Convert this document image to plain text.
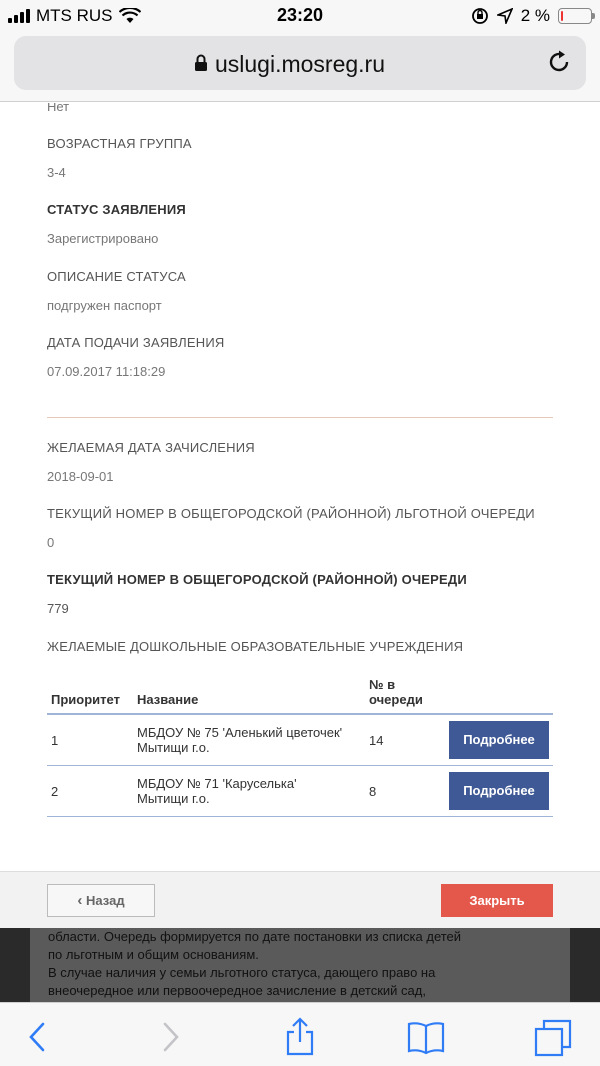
MTS RUS	23:20	2 %
uslugi.mosreg.ru
Нет
ВОЗРАСТНАЯ ГРУППА
3-4
СТАТУС ЗАЯВЛЕНИЯ
Зарегистрировано
ОПИСАНИЕ СТАТУСА
подгружен паспорт
ДАТА ПОДАЧИ ЗАЯВЛЕНИЯ
07.09.2017 11:18:29
ЖЕЛАЕМАЯ ДАТА ЗАЧИСЛЕНИЯ
2018-09-01
ТЕКУЩИЙ НОМЕР В ОБЩЕГОРОДСКОЙ (РАЙОННОЙ) ЛЬГОТНОЙ ОЧЕРЕДИ
0
ТЕКУЩИЙ НОМЕР В ОБЩЕГОРОДСКОЙ (РАЙОННОЙ) ОЧЕРЕДИ
779
ЖЕЛАЕМЫЕ ДОШКОЛЬНЫЕ ОБРАЗОВАТЕЛЬНЫЕ УЧРЕЖДЕНИЯ
Приоритет	Название	№ в
очереди	
1	МБДОУ № 75 'Аленький цветочек'
Мытищи г.о.	14	Подробнее
2	МБДОУ № 71 'Каруселька'
Мытищи г.о.	8	Подробнее
‹ Назад	Закрыть
области. Очередь формируется по дате постановки из списка детей
по льготным и общим основаниям.
В случае наличия у семьи льготного статуса, дающего право на
внеочередное или первоочередное зачисление в детский сад,
